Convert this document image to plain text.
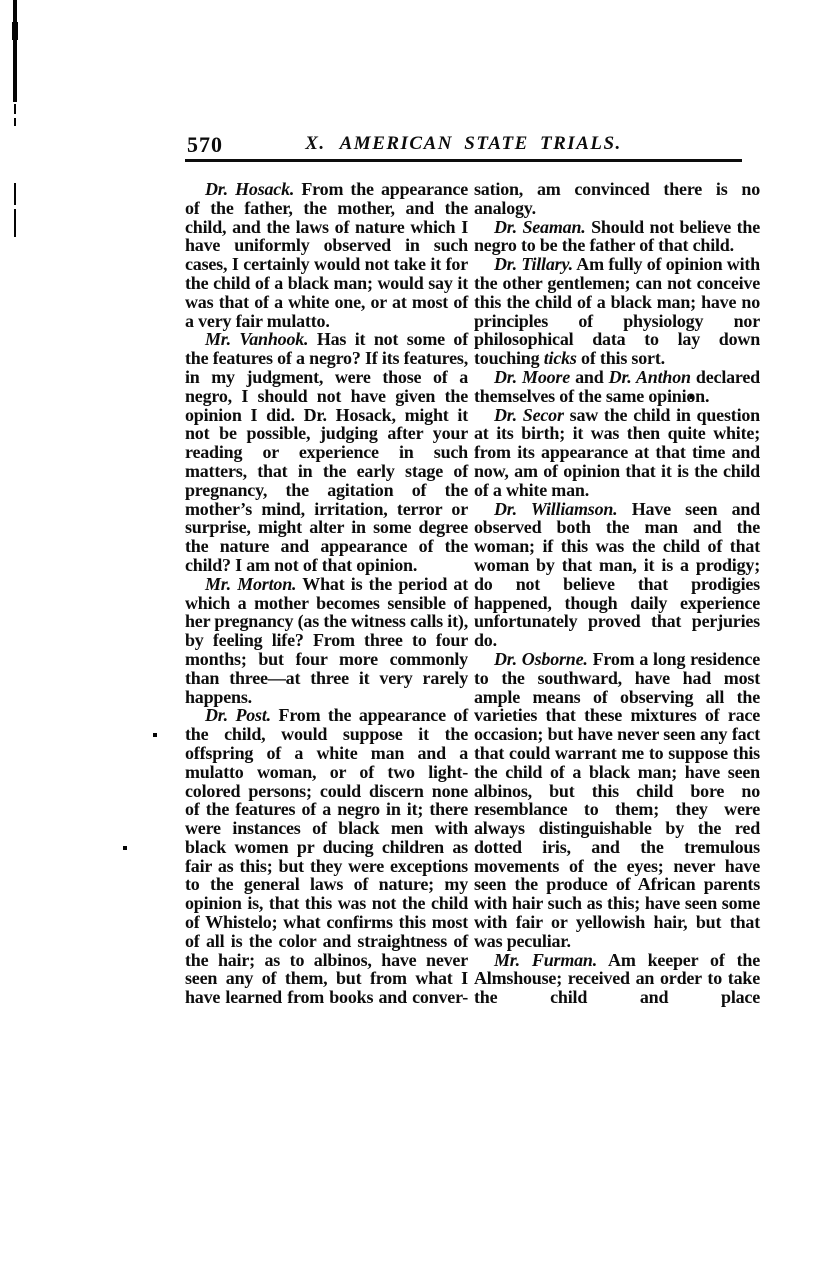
570	X. AMERICAN STATE TRIALS.

Dr. Hosack. From the appearance of the father, the mother, and the child, and the laws of nature which I have uniformly observed in such cases, I certainly would not take it for the child of a black man; would say it was that of a white one, or at most of a very fair mulatto.

Mr. Vanhook. Has it not some of the features of a negro? If its features, in my judgment, were those of a negro, I should not have given the opinion I did. Dr. Hosack, might it not be possible, judging after your reading or experience in such matters, that in the early stage of pregnancy, the agitation of the mother’s mind, irritation, terror or surprise, might alter in some degree the nature and appearance of the child? I am not of that opinion.

Mr. Morton. What is the period at which a mother becomes sensible of her pregnancy (as the witness calls it), by feeling life? From three to four months; but four more commonly than three—at three it very rarely happens.

Dr. Post. From the appearance of the child, would suppose it the offspring of a white man and a mulatto woman, or of two light-colored persons; could discern none of the features of a negro in it; there were instances of black men with black women pr ducing children as fair as this; but they were exceptions to the general laws of nature; my opinion is, that this was not the child of Whistelo; what confirms this most of all is the color and straightness of the hair; as to albinos, have never seen any of them, but from what I have learned from books and conver-

sation, am convinced there is no analogy.

Dr. Seaman. Should not believe the negro to be the father of that child.

Dr. Tillary. Am fully of opinion with the other gentlemen; can not conceive this the child of a black man; have no principles of physiology nor philosophical data to lay down touching ticks of this sort.

Dr. Moore and Dr. Anthon declared themselves of the same opinion.

Dr. Secor saw the child in question at its birth; it was then quite white; from its appearance at that time and now, am of opinion that it is the child of a white man.

Dr. Williamson. Have seen and observed both the man and the woman; if this was the child of that woman by that man, it is a prodigy; do not believe that prodigies happened, though daily experience unfortunately proved that perjuries do.

Dr. Osborne. From a long residence to the southward, have had most ample means of observing all the varieties that these mixtures of race occasion; but have never seen any fact that could warrant me to suppose this the child of a black man; have seen albinos, but this child bore no resemblance to them; they were always distinguishable by the red dotted iris, and the tremulous movements of the eyes; never have seen the produce of African parents with hair such as this; have seen some with fair or yellowish hair, but that was peculiar.

Mr. Furman. Am keeper of the Almshouse; received an order to take the child and place
